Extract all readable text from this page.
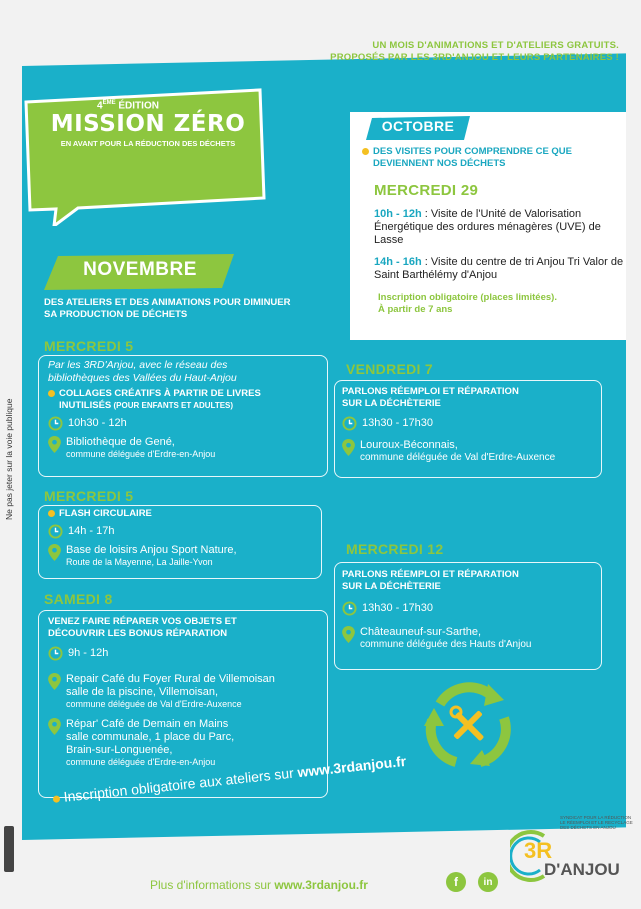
UN MOIS D'ANIMATIONS ET D'ATELIERS GRATUITS.
PROPOSÉS PAR LES 3RD'ANJOU ET LEURS PARTENAIRES !
4ÈME ÉDITION
MISSION ZÉRO
EN AVANT POUR LA RÉDUCTION DES DÉCHETS
OCTOBRE
DES VISITES POUR COMPRENDRE CE QUE
DEVIENNENT NOS DÉCHETS
MERCREDI 29
10h - 12h : Visite de l'Unité de Valorisation Énergétique des ordures ménagères (UVE) de Lasse
14h - 16h : Visite du centre de tri Anjou Tri Valor de Saint Barthélémy d'Anjou
Inscription obligatoire (places limitées).
À partir de 7 ans
NOVEMBRE
DES ATELIERS ET DES ANIMATIONS POUR DIMINUER
SA PRODUCTION DE DÉCHETS
MERCREDI 5
Par les 3RD'Anjou, avec le réseau des
bibliothèques des Vallées du Haut-Anjou
COLLAGES CRÉATIFS À PARTIR DE LIVRES
INUTILISÉS (POUR ENFANTS ET ADULTES)
10h30 - 12h
Bibliothèque de Gené,
commune déléguée d'Erdre-en-Anjou
MERCREDI 5
FLASH CIRCULAIRE
14h - 17h
Base de loisirs Anjou Sport Nature,
Route de la Mayenne, La Jaille-Yvon
SAMEDI 8
VENEZ FAIRE RÉPARER VOS OBJETS ET
DÉCOUVRIR LES BONUS RÉPARATION
9h - 12h
Repair Café du Foyer Rural de Villemoisan
salle de la piscine, Villemoisan,
commune déléguée de Val d'Erdre-Auxence
Répar' Café de Demain en Mains
salle communale, 1 place du Parc,
Brain-sur-Longuenée,
commune déléguée d'Erdre-en-Anjou
VENDREDI 7
PARLONS RÉEMPLOI ET RÉPARATION
SUR LA DÉCHÈTERIE
13h30 - 17h30
Louroux-Béconnais,
commune déléguée de Val d'Erdre-Auxence
MERCREDI 12
PARLONS RÉEMPLOI ET RÉPARATION
SUR LA DÉCHÈTERIE
13h30 - 17h30
Châteauneuf-sur-Sarthe,
commune déléguée des Hauts d'Anjou
Ne pas jeter sur la voie publique
Inscription obligatoire aux ateliers sur www.3rdanjou.fr
Plus d'informations sur www.3rdanjou.fr	f	in
SYNDICAT POUR LA RÉDUCTION
LE RÉEMPLOI ET LE RECYCLAGE
DES DÉCHETS EN ANJOU
3R
D'ANJOU
